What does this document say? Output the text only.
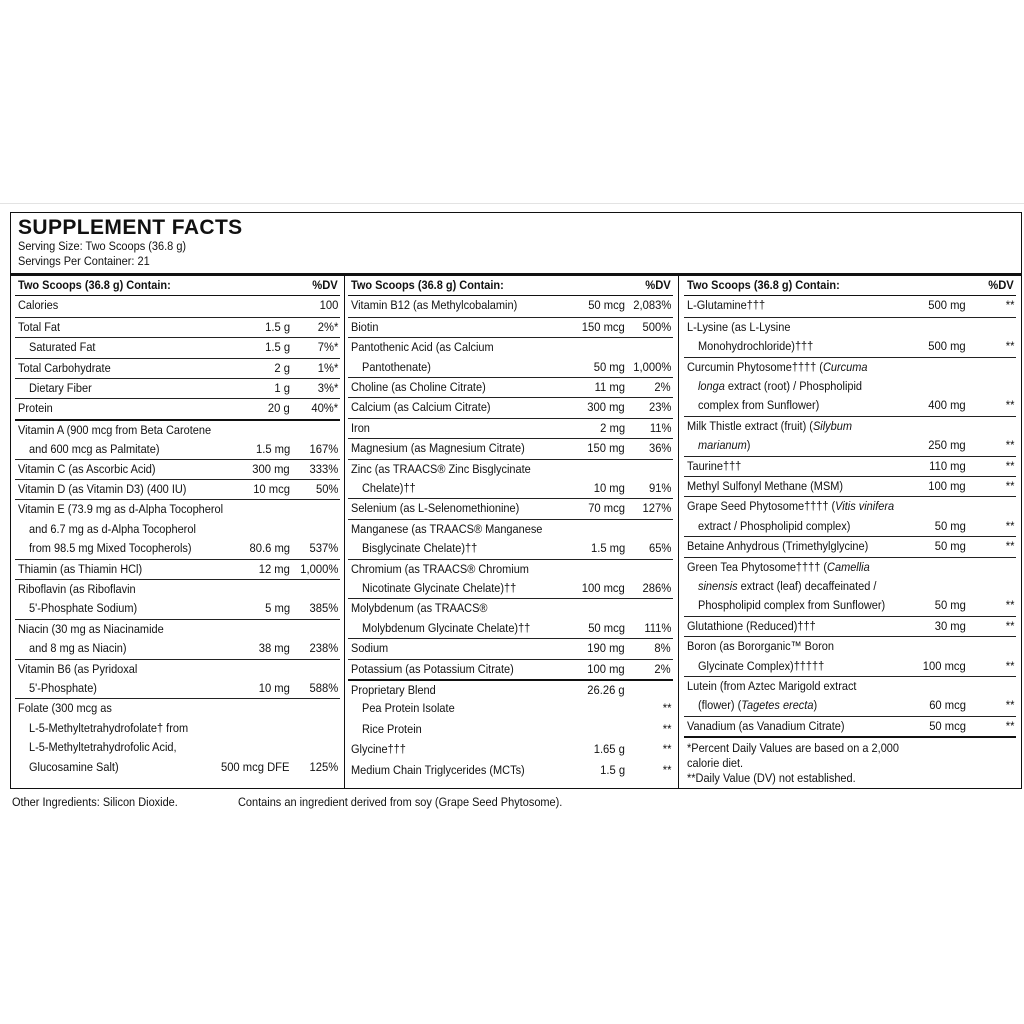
SUPPLEMENT FACTS
Serving Size: Two Scoops (36.8 g)
Servings Per Container: 21
Two Scoops (36.8 g) Contain:	%DV
Calories	100
Total Fat	1.5 g 2%*
Saturated Fat	1.5 g 7%*
Total Carbohydrate	2 g 1%*
Dietary Fiber	1 g 3%*
Protein	20 g 40%*
Vitamin A (900 mcg from Beta Carotene
and 600 mcg as Palmitate)	1.5 mg 167%
Vitamin C (as Ascorbic Acid)	300 mg 333%
Vitamin D (as Vitamin D3) (400 IU)	10 mcg 50%
Vitamin E (73.9 mg as d-Alpha Tocopherol
and 6.7 mg as d-Alpha Tocopherol
from 98.5 mg Mixed Tocopherols)	80.6 mg 537%
Thiamin (as Thiamin HCl)	12 mg 1,000%
Riboflavin (as Riboflavin
5'-Phosphate Sodium)	5 mg 385%
Niacin (30 mg as Niacinamide
and 8 mg as Niacin)	38 mg 238%
Vitamin B6 (as Pyridoxal
5'-Phosphate)	10 mg 588%
Folate (300 mcg as
L-5-Methyltetrahydrofolate† from
L-5-Methyltetrahydrofolic Acid,
Glucosamine Salt)	500 mcg DFE 125%
Two Scoops (36.8 g) Contain:	%DV
Vitamin B12 (as Methylcobalamin)	50 mcg 2,083%
Biotin	150 mcg 500%
Pantothenic Acid (as Calcium
Pantothenate)	50 mg 1,000%
Choline (as Choline Citrate)	11 mg 2%
Calcium (as Calcium Citrate)	300 mg 23%
Iron	2 mg 11%
Magnesium (as Magnesium Citrate)	150 mg 36%
Zinc (as TRAACS® Zinc Bisglycinate
Chelate)††	10 mg 91%
Selenium (as L-Selenomethionine)	70 mcg 127%
Manganese (as TRAACS® Manganese
Bisglycinate Chelate)††	1.5 mg 65%
Chromium (as TRAACS® Chromium
Nicotinate Glycinate Chelate)††	100 mcg 286%
Molybdenum (as TRAACS®
Molybdenum Glycinate Chelate)††	50 mcg 111%
Sodium	190 mg 8%
Potassium (as Potassium Citrate)	100 mg 2%
Proprietary Blend	26.26 g
Pea Protein Isolate	**
Rice Protein	**
Glycine†††	1.65 g	**
Medium Chain Triglycerides (MCTs)	1.5 g	**
Two Scoops (36.8 g) Contain:	%DV
L-Glutamine†††	500 mg	**
L-Lysine (as L-Lysine
Monohydrochloride)†††	500 mg	**
Curcumin Phytosome†††† (Curcuma
longa extract (root) / Phospholipid
complex from Sunflower)	400 mg	**
Milk Thistle extract (fruit) (Silybum
marianum)	250 mg	**
Taurine†††	110 mg	**
Methyl Sulfonyl Methane (MSM)	100 mg	**
Grape Seed Phytosome†††† (Vitis vinifera
extract / Phospholipid complex)	50 mg	**
Betaine Anhydrous (Trimethylglycine)	50 mg	**
Green Tea Phytosome†††† (Camellia
sinensis extract (leaf) decaffeinated /
Phospholipid complex from Sunflower)	50 mg	**
Glutathione (Reduced)†††	30 mg	**
Boron (as Bororganic™ Boron
Glycinate Complex)†††††	100 mcg	**
Lutein (from Aztec Marigold extract
(flower) (Tagetes erecta)	60 mcg	**
Vanadium (as Vanadium Citrate)	50 mcg	**
*Percent Daily Values are based on a 2,000
calorie diet.
**Daily Value (DV) not established.
Other Ingredients: Silicon Dioxide.	Contains an ingredient derived from soy (Grape Seed Phytosome).
